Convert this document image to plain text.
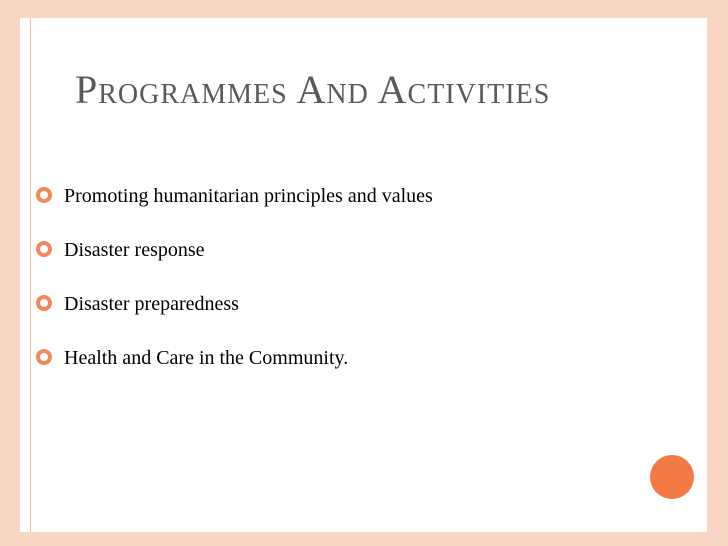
Programmes And Activities
Promoting humanitarian principles and values
Disaster response
Disaster preparedness
Health and Care in the Community.
